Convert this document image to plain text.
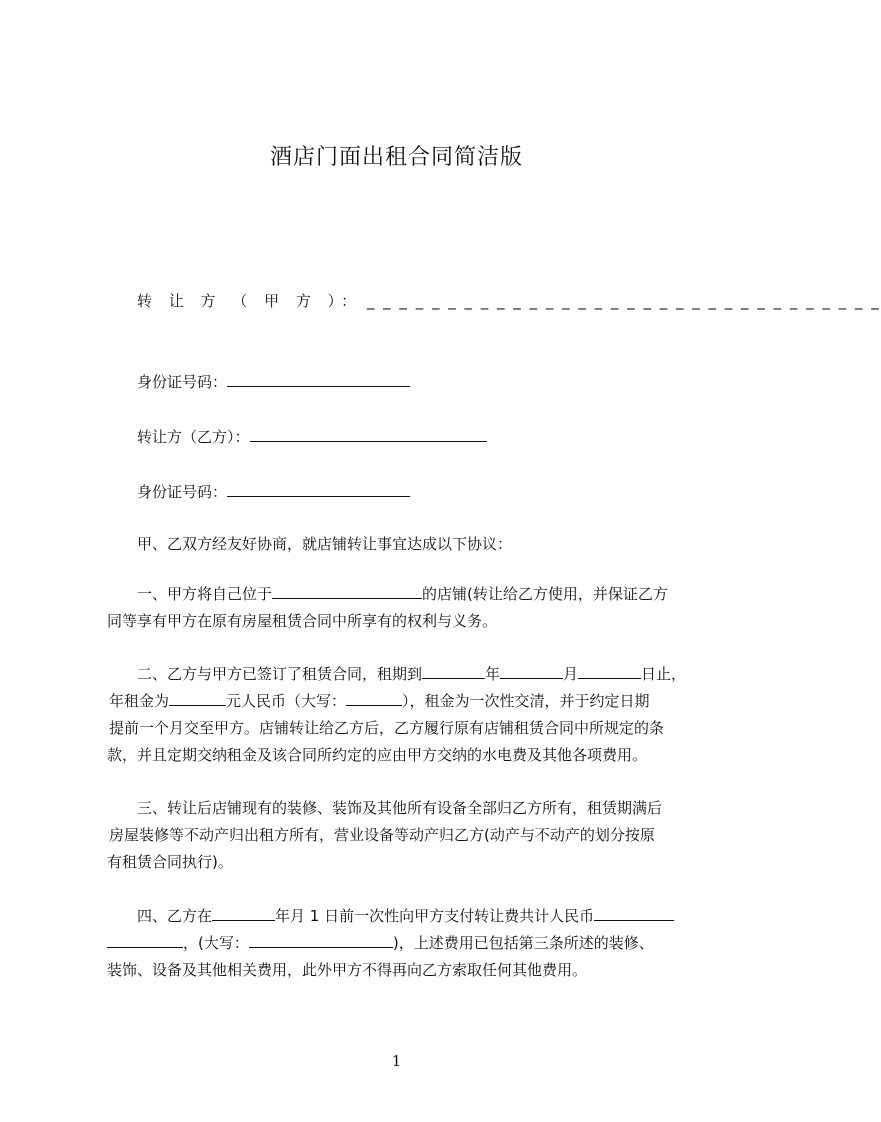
酒店门面出租合同简洁版
转 让 方 （ 甲 方 ）： _ _ _ _ _ _ _ _ _ _ _ _ _ _ _ _ _ _ _ _ _ _ _ _ _ _ _ _ _ _ _ _
身份证号码：
转让方（乙方）：
身份证号码：
甲、乙双方经友好协商，就店铺转让事宜达成以下协议：
一、甲方将自己位于	的店铺(转让给乙方使用，并保证乙方
同等享有甲方在原有房屋租赁合同中所享有的权利与义务。
二、乙方与甲方已签订了租赁合同，租期到	年	月	日止，
年租金为	元人民币（大写：	），租金为一次性交清，并于约定日期
提前一个月交至甲方。店铺转让给乙方后，乙方履行原有店铺租赁合同中所规定的条
款，并且定期交纳租金及该合同所约定的应由甲方交纳的水电费及其他各项费用。
三、转让后店铺现有的装修、装饰及其他所有设备全部归乙方所有，租赁期满后
房屋装修等不动产归出租方所有，营业设备等动产归乙方(动产与不动产的划分按原
有租赁合同执行)。
四、乙方在	年月 1 日前一次性向甲方支付转让费共计人民币
，(大写：	)，上述费用已包括第三条所述的装修、
装饰、设备及其他相关费用，此外甲方不得再向乙方索取任何其他费用。
1
